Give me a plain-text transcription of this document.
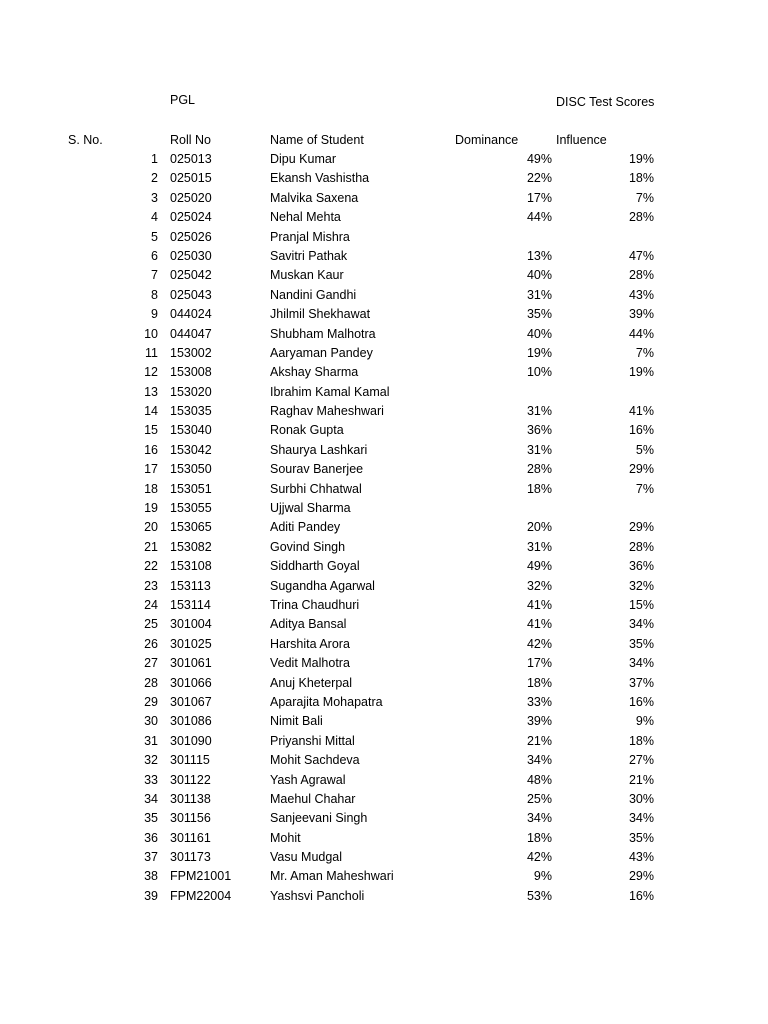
PGL	DISC Test Scores
S. No.	Roll No	Name of Student	Dominance	Influence
1 025013	Dipu Kumar	49%	19%
2 025015	Ekansh Vashistha	22%	18%
3 025020	Malvika Saxena	17%	7%
4 025024	Nehal Mehta	44%	28%
5 025026	Pranjal Mishra
6 025030	Savitri Pathak	13%	47%
7 025042	Muskan Kaur	40%	28%
8 025043	Nandini Gandhi	31%	43%
9 044024	Jhilmil Shekhawat	35%	39%
10 044047	Shubham Malhotra	40%	44%
11 153002	Aaryaman Pandey	19%	7%
12 153008	Akshay Sharma	10%	19%
13 153020	Ibrahim Kamal Kamal
14 153035	Raghav Maheshwari	31%	41%
15 153040	Ronak Gupta	36%	16%
16 153042	Shaurya Lashkari	31%	5%
17 153050	Sourav Banerjee	28%	29%
18 153051	Surbhi Chhatwal	18%	7%
19 153055	Ujjwal Sharma
20 153065	Aditi Pandey	20%	29%
21 153082	Govind Singh	31%	28%
22 153108	Siddharth Goyal	49%	36%
23 153113	Sugandha Agarwal	32%	32%
24 153114	Trina Chaudhuri	41%	15%
25 301004	Aditya Bansal	41%	34%
26 301025	Harshita Arora	42%	35%
27 301061	Vedit Malhotra	17%	34%
28 301066	Anuj Kheterpal	18%	37%
29 301067	Aparajita Mohapatra	33%	16%
30 301086	Nimit Bali	39%	9%
31 301090	Priyanshi Mittal	21%	18%
32 301115	Mohit Sachdeva	34%	27%
33 301122	Yash Agrawal	48%	21%
34 301138	Maehul Chahar	25%	30%
35 301156	Sanjeevani Singh	34%	34%
36 301161	Mohit	18%	35%
37 301173	Vasu Mudgal	42%	43%
38 FPM21001	Mr. Aman Maheshwari	9%	29%
39 FPM22004	Yashsvi Pancholi	53%	16%
